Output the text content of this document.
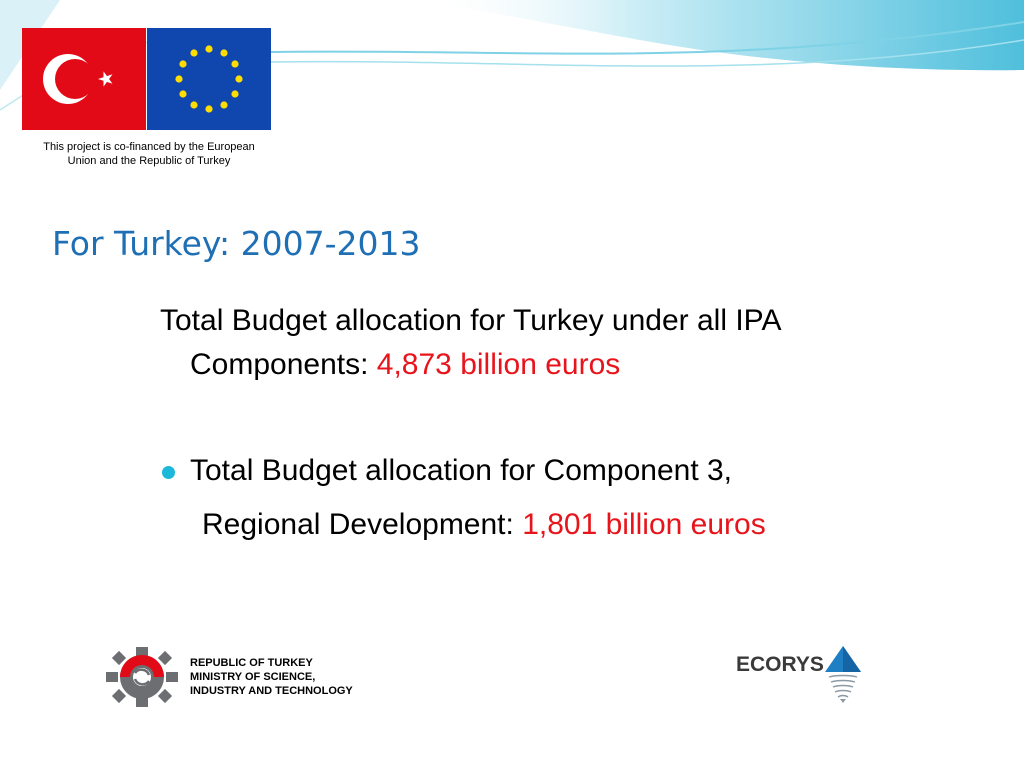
This project is co-financed by the European
Union and the Republic of Turkey
For Turkey: 2007-2013
Total Budget allocation for Turkey under all IPA
Components: 4,873 billion euros
Total Budget allocation for Component 3,
Regional Development: 1,801 billion euros
REPUBLIC OF TURKEY
MINISTRY OF SCIENCE,
INDUSTRY AND TECHNOLOGY
ECORYS
